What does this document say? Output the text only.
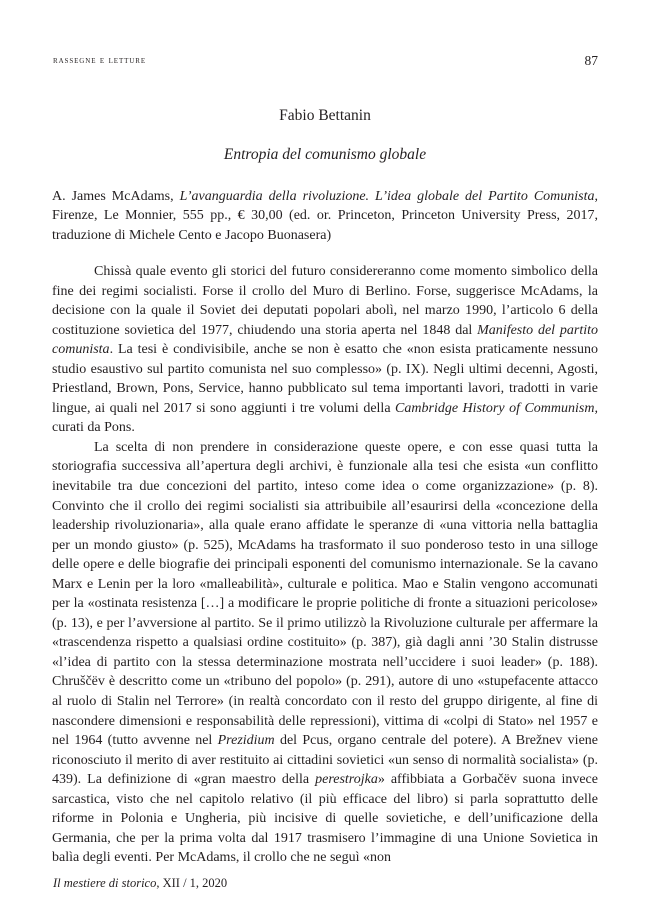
rassegne e letture	87
Fabio Bettanin
Entropia del comunismo globale

A. James McAdams, L’avanguardia della rivoluzione. L’idea globale del Partito Comunista, Firenze, Le Monnier, 555 pp., € 30,00 (ed. or. Princeton, Princeton University Press, 2017, traduzione di Michele Cento e Jacopo Buonasera)

Chissà quale evento gli storici del futuro considereranno come momento simbolico della fine dei regimi socialisti. Forse il crollo del Muro di Berlino. Forse, suggerisce McAdams, la decisione con la quale il Soviet dei deputati popolari abolì, nel marzo 1990, l’articolo 6 della costituzione sovietica del 1977, chiudendo una storia aperta nel 1848 dal Manifesto del partito comunista. La tesi è condivisibile, anche se non è esatto che «non esista praticamente nessuno studio esaustivo sul partito comunista nel suo complesso» (p. IX). Negli ultimi decenni, Agosti, Priestland, Brown, Pons, Service, hanno pubblicato sul tema importanti lavori, tradotti in varie lingue, ai quali nel 2017 si sono aggiunti i tre volumi della Cambridge History of Communism, curati da Pons.

La scelta di non prendere in considerazione queste opere, e con esse quasi tutta la storiografia successiva all’apertura degli archivi, è funzionale alla tesi che esista «un conflitto inevitabile tra due concezioni del partito, inteso come idea o come organizzazione» (p. 8). Convinto che il crollo dei regimi socialisti sia attribuibile all’esaurirsi della «concezione della leadership rivoluzionaria», alla quale erano affidate le speranze di «una vittoria nella battaglia per un mondo giusto» (p. 525), McAdams ha trasformato il suo ponderoso testo in una silloge delle opere e delle biografie dei principali esponenti del comunismo internazionale. Se la cavano Marx e Lenin per la loro «malleabilità», culturale e politica. Mao e Stalin vengono accomunati per la «ostinata resistenza […] a modificare le proprie politiche di fronte a situazioni pericolose» (p. 13), e per l’avversione al partito. Se il primo utilizzò la Rivoluzione culturale per affermare la «trascendenza rispetto a qualsiasi ordine costituito» (p. 387), già dagli anni ’30 Stalin distrusse «l’idea di partito con la stessa determinazione mostrata nell’uccidere i suoi leader» (p. 188). Chruščëv è descritto come un «tribuno del popolo» (p. 291), autore di uno «stupefacente attacco al ruolo di Stalin nel Terrore» (in realtà concordato con il resto del gruppo dirigente, al fine di nascondere dimensioni e responsabilità delle repressioni), vittima di «colpi di Stato» nel 1957 e nel 1964 (tutto avvenne nel Prezidium del Pcus, organo centrale del potere). A Brežnev viene riconosciuto il merito di aver restituito ai cittadini sovietici «un senso di normalità socialista» (p. 439). La definizione di «gran maestro della perestrojka» affibbiata a Gorbačëv suona invece sarcastica, visto che nel capitolo relativo (il più efficace del libro) si parla soprattutto delle riforme in Polonia e Ungheria, più incisive di quelle sovietiche, e dell’unificazione della Germania, che per la prima volta dal 1917 trasmisero l’immagine di una Unione Sovietica in balìa degli eventi. Per McAdams, il crollo che ne seguì «non

Il mestiere di storico, XII / 1, 2020
